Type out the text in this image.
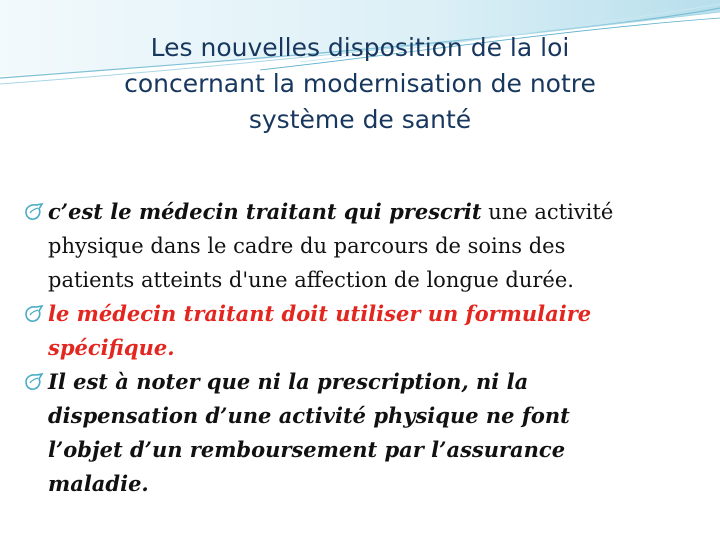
Les nouvelles disposition de la loi
concernant la modernisation de notre
système de santé
c’est le médecin traitant qui prescrit une activité
physique dans le cadre du parcours de soins des
patients atteints d'une affection de longue durée.
le médecin traitant doit utiliser un formulaire
spécifique.
Il est à noter que ni la prescription, ni la
dispensation d’une activité physique ne font
l’objet d’un remboursement par l’assurance
maladie.
